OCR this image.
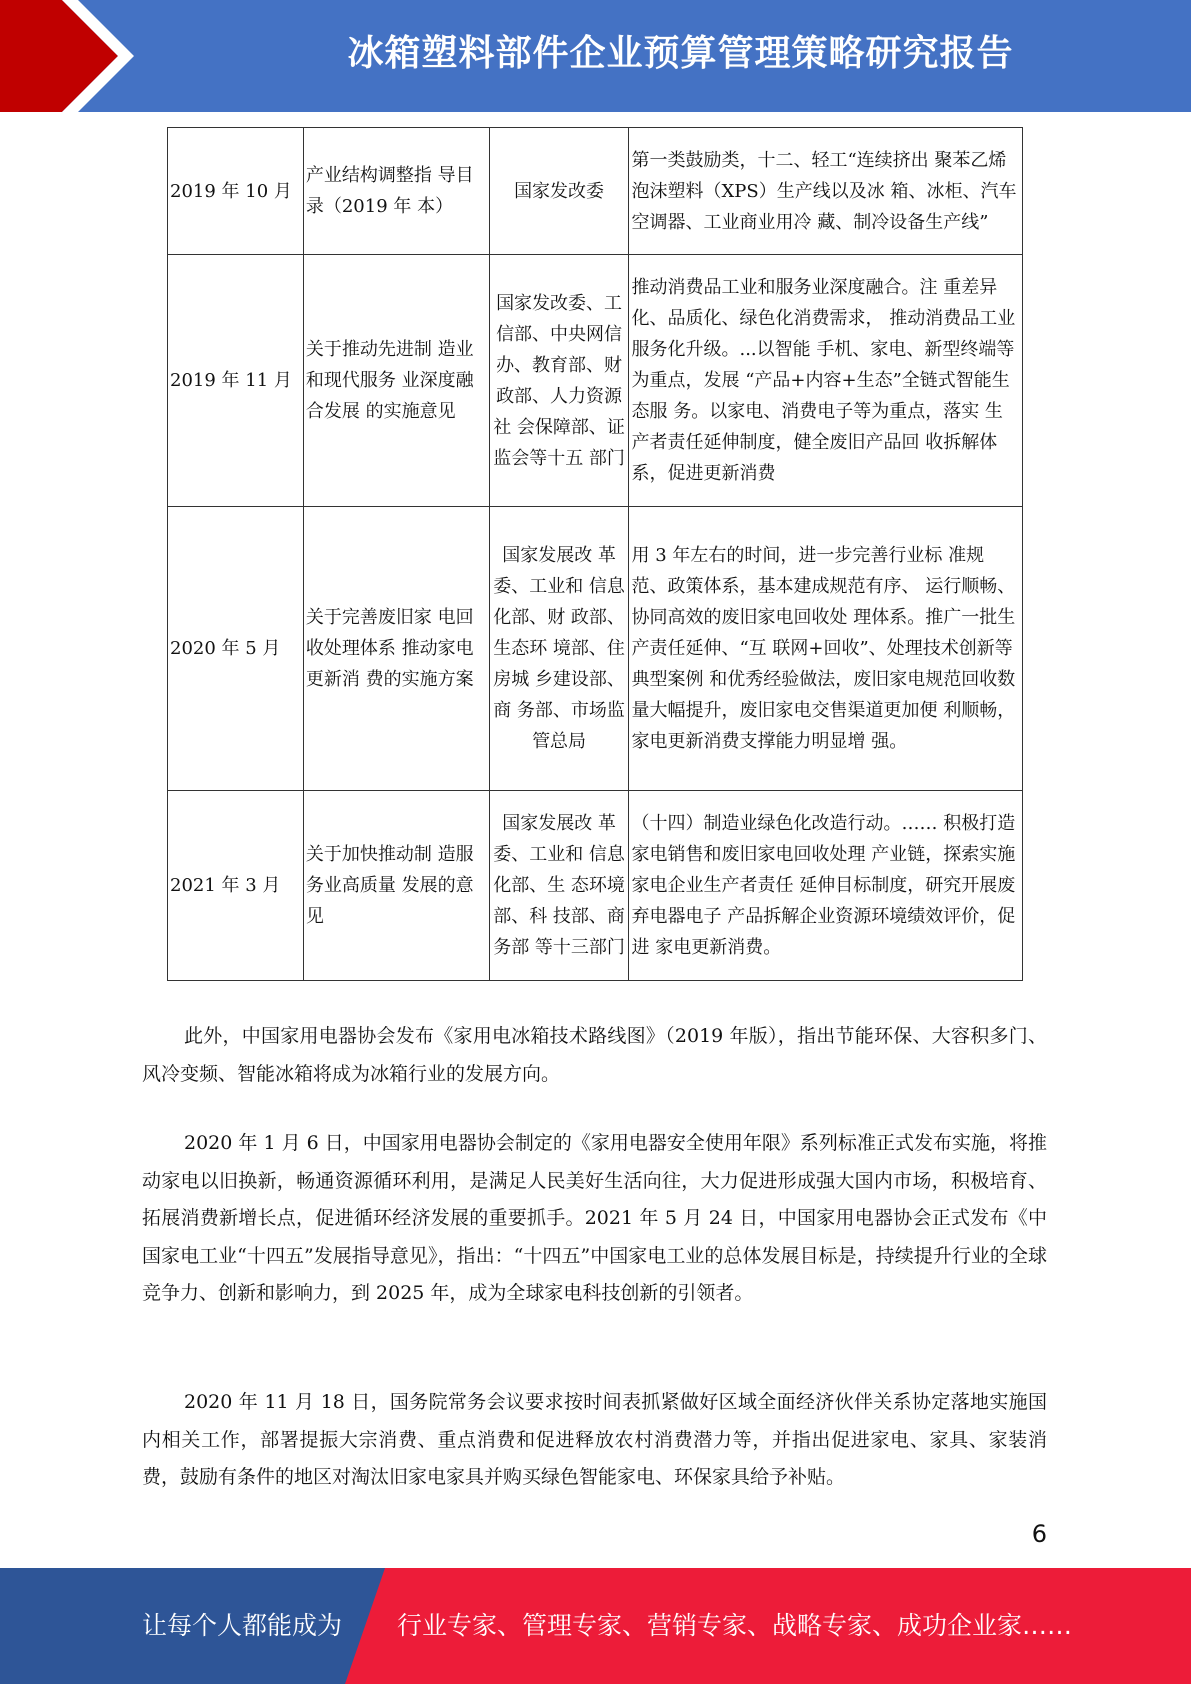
冰箱塑料部件企业预算管理策略研究报告
2019 年 10 月	产业结构调整指 导目录（2019 年 本）	国家发改委	第一类鼓励类，十二、轻工“连续挤出 聚苯乙烯泡沫塑料（XPS）生产线以及冰 箱、冰柜、汽车空调器、工业商业用冷 藏、制冷设备生产线”
2019 年 11 月	关于推动先进制 造业和现代服务 业深度融合发展 的实施意见	国家发改委、工信部、中央网信办、教育部、财政部、人力资源社 会保障部、证 监会等十五 部门	推动消费品工业和服务业深度融合。注 重差异化、品质化、绿色化消费需求， 推动消费品工业服务化升级。...以智能 手机、家电、新型终端等为重点，发展 “产品+内容+生态”全链式智能生态服 务。以家电、消费电子等为重点，落实 生产者责任延伸制度，健全废旧产品回 收拆解体系，促进更新消费
2020 年 5 月	关于完善废旧家 电回收处理体系 推动家电更新消 费的实施方案	国家发展改 革委、工业和 信息化部、财 政部、生态环 境部、住房城 乡建设部、商 务部、市场监 管总局	用 3 年左右的时间，进一步完善行业标 准规范、政策体系，基本建成规范有序、 运行顺畅、协同高效的废旧家电回收处 理体系。推广一批生产责任延伸、“互 联网+回收”、处理技术创新等典型案例 和优秀经验做法，废旧家电规范回收数 量大幅提升，废旧家电交售渠道更加便 利顺畅，家电更新消费支撑能力明显增 强。
2021 年 3 月	关于加快推动制 造服务业高质量 发展的意见	国家发展改 革委、工业和 信息化部、生 态环境部、科 技部、商务部 等十三部门	（十四）制造业绿色化改造行动。…… 积极打造家电销售和废旧家电回收处理 产业链，探索实施家电企业生产者责任 延伸目标制度，研究开展废弃电器电子 产品拆解企业资源环境绩效评价，促进 家电更新消费。

此外，中国家用电器协会发布《家用电冰箱技术路线图》（2019 年版），指出节能环保、大容积多门、风冷变频、智能冰箱将成为冰箱行业的发展方向。

2020 年 1 月 6 日，中国家用电器协会制定的《家用电器安全使用年限》系列标准正式发布实施，将推动家电以旧换新，畅通资源循环利用，是满足人民美好生活向往，大力促进形成强大国内市场，积极培育、拓展消费新增长点，促进循环经济发展的重要抓手。2021 年 5 月 24 日，中国家用电器协会正式发布《中国家电工业“十四五”发展指导意见》，指出：“十四五”中国家电工业的总体发展目标是，持续提升行业的全球竞争力、创新和影响力，到 2025 年，成为全球家电科技创新的引领者。

2020 年 11 月 18 日，国务院常务会议要求按时间表抓紧做好区域全面经济伙伴关系协定落地实施国内相关工作，部署提振大宗消费、重点消费和促进释放农村消费潜力等，并指出促进家电、家具、家装消费，鼓励有条件的地区对淘汰旧家电家具并购买绿色智能家电、环保家具给予补贴。

6
让每个人都能成为 行业专家、管理专家、营销专家、战略专家、成功企业家……
